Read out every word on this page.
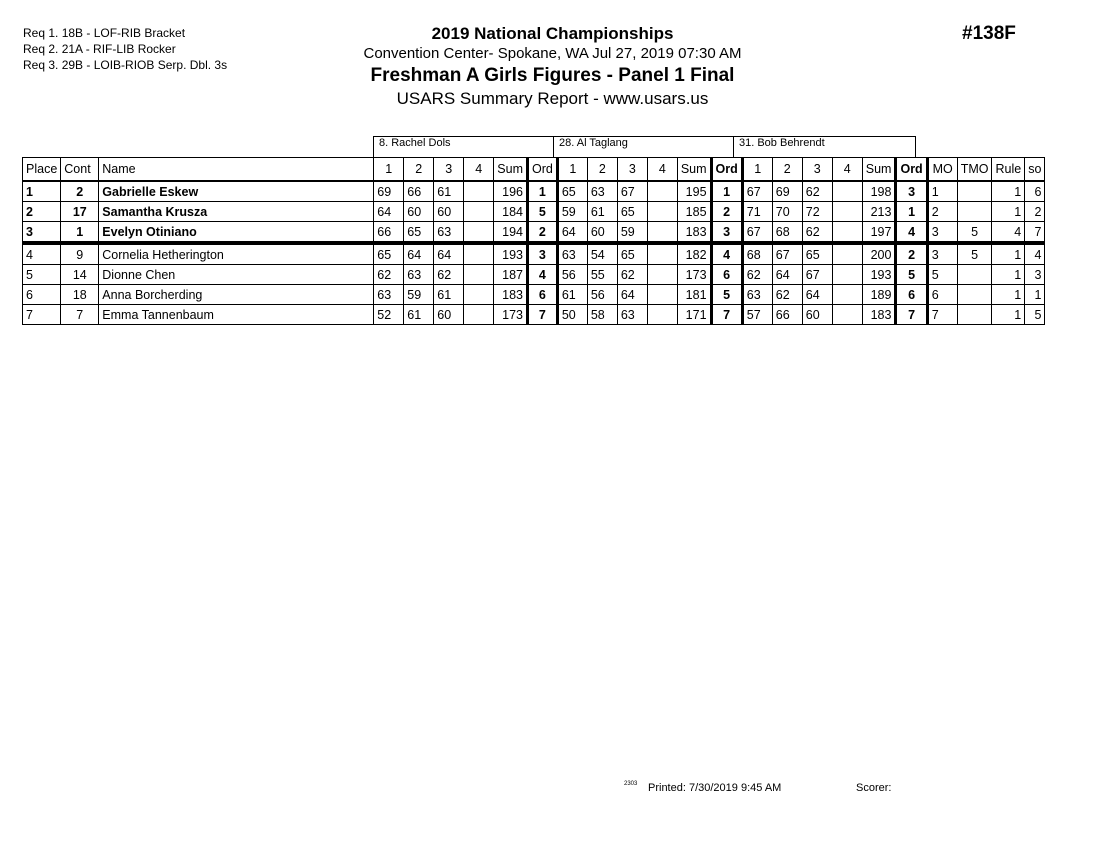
Req 1. 18B - LOF-RIB Bracket
Req 2. 21A - RIF-LIB Rocker
Req 3. 29B - LOIB-RIOB Serp. Dbl. 3s
2019 National Championships
Convention Center- Spokane, WA Jul 27, 2019 07:30 AM
Freshman A Girls Figures - Panel 1 Final
USARS Summary Report - www.usars.us
#138F
8. Rachel Dols	28. Al Taglang	31. Bob Behrendt
Place	Cont	Name	1	2	3	4	Sum	Ord	1	2	3	4	Sum	Ord	1	2	3	4	Sum	Ord	MO	TMO	Rule	so
1	2	Gabrielle Eskew	69	66	61		196	1	65	63	67		195	1	67	69	62		198	3	1		1	6
2	17	Samantha Krusza	64	60	60		184	5	59	61	65		185	2	71	70	72		213	1	2		1	2
3	1	Evelyn Otiniano	66	65	63		194	2	64	60	59		183	3	67	68	62		197	4	3	5	4	7
4	9	Cornelia Hetherington	65	64	64		193	3	63	54	65		182	4	68	67	65		200	2	3	5	1	4
5	14	Dionne Chen	62	63	62		187	4	56	55	62		173	6	62	64	67		193	5	5		1	3
6	18	Anna Borcherding	63	59	61		183	6	61	56	64		181	5	63	62	64		189	6	6		1	1
7	7	Emma Tannenbaum	52	61	60		173	7	50	58	63		171	7	57	66	60		183	7	7		1	5
2303 Printed: 7/30/2019 9:45 AM	Scorer:
